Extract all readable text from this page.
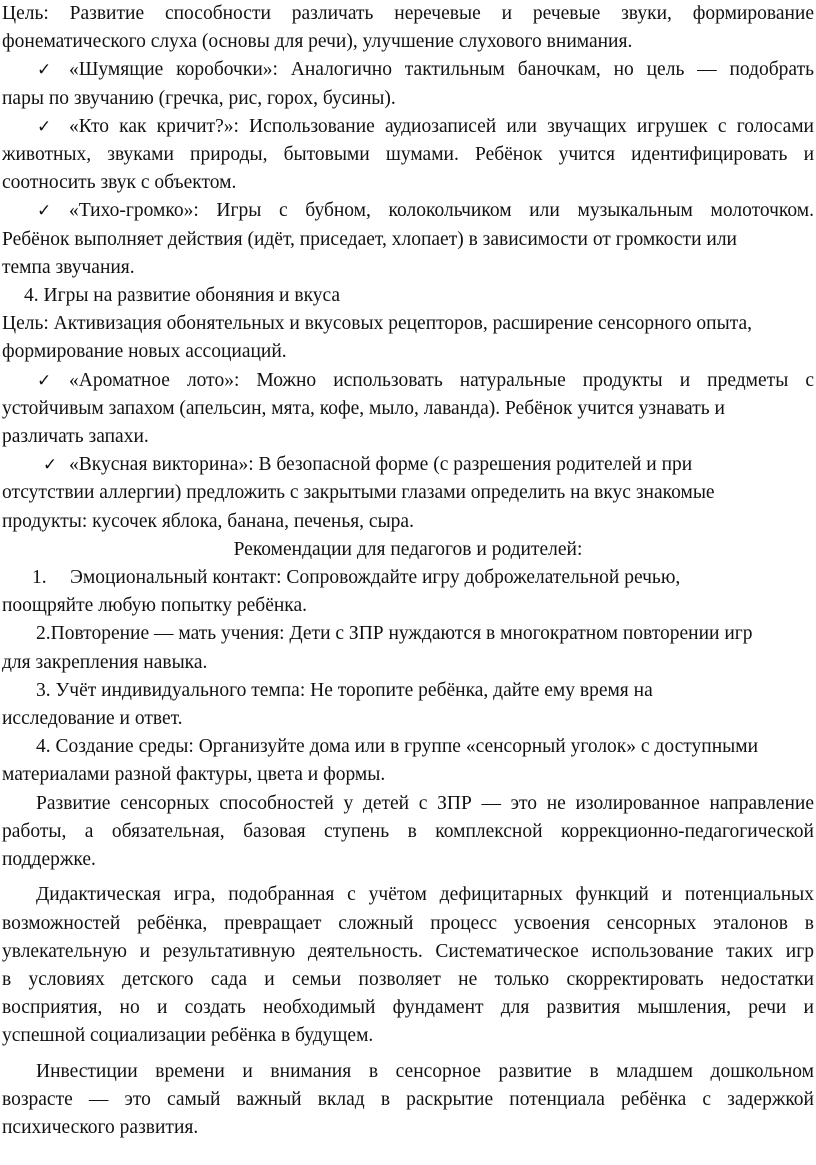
Цель: Развитие способности различать неречевые и речевые звуки, формирование
фонематического слуха (основы для речи), улучшение слухового внимания.
✓ «Шумящие коробочки»: Аналогично тактильным баночкам, но цель — подобрать
пары по звучанию (гречка, рис, горох, бусины).
✓ «Кто как кричит?»: Использование аудиозаписей или звучащих игрушек с голосами
животных, звуками природы, бытовыми шумами. Ребёнок учится идентифицировать и
соотносить звук с объектом.
✓ «Тихо-громко»: Игры с бубном, колокольчиком или музыкальным молоточком.
Ребёнок выполняет действия (идёт, приседает, хлопает) в зависимости от громкости или
темпа звучания.
4. Игры на развитие обоняния и вкуса
Цель: Активизация обонятельных и вкусовых рецепторов, расширение сенсорного опыта,
формирование новых ассоциаций.
✓ «Ароматное лото»: Можно использовать натуральные продукты и предметы с
устойчивым запахом (апельсин, мята, кофе, мыло, лаванда). Ребёнок учится узнавать и
различать запахи.
✓ «Вкусная викторина»: В безопасной форме (с разрешения родителей и при
отсутствии аллергии) предложить с закрытыми глазами определить на вкус знакомые
продукты: кусочек яблока, банана, печенья, сыра.
Рекомендации для педагогов и родителей:
1. Эмоциональный контакт: Сопровождайте игру доброжелательной речью,
поощряйте любую попытку ребёнка.
2.Повторение — мать учения: Дети с ЗПР нуждаются в многократном повторении игр
для закрепления навыка.
3. Учёт индивидуального темпа: Не торопите ребёнка, дайте ему время на
исследование и ответ.
4. Создание среды: Организуйте дома или в группе «сенсорный уголок» с доступными
материалами разной фактуры, цвета и формы.
Развитие сенсорных способностей у детей с ЗПР — это не изолированное направление
работы, а обязательная, базовая ступень в комплексной коррекционно-педагогической
поддержке.
Дидактическая игра, подобранная с учётом дефицитарных функций и потенциальных
возможностей ребёнка, превращает сложный процесс усвоения сенсорных эталонов в
увлекательную и результативную деятельность. Систематическое использование таких игр
в условиях детского сада и семьи позволяет не только скорректировать недостатки
восприятия, но и создать необходимый фундамент для развития мышления, речи и
успешной социализации ребёнка в будущем.
Инвестиции времени и внимания в сенсорное развитие в младшем дошкольном
возрасте — это самый важный вклад в раскрытие потенциала ребёнка с задержкой
психического развития.
